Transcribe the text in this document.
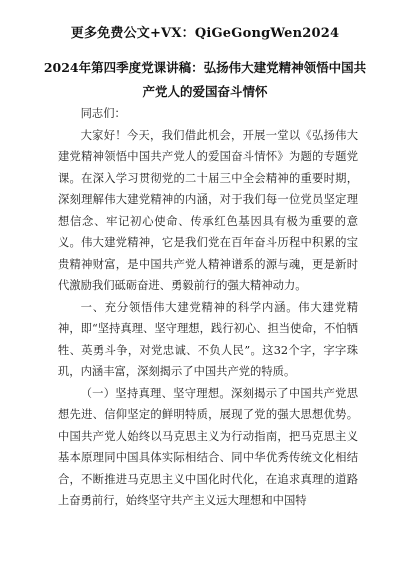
更多免费公文+VX：QiGeGongWen2024
2024年第四季度党课讲稿：弘扬伟大建党精神领悟中国共
产党人的爱国奋斗情怀

同志们：

大家好！今天，我们借此机会，开展一堂以《弘扬伟大建党精神领悟中国共产党人的爱国奋斗情怀》为题的专题党课。在深入学习贯彻党的二十届三中全会精神的重要时期，深刻理解伟大建党精神的内涵，对于我们每一位党员坚定理想信念、牢记初心使命、传承红色基因具有极为重要的意义。伟大建党精神，它是我们党在百年奋斗历程中积累的宝贵精神财富，是中国共产党人精神谱系的源与魂，更是新时代激励我们砥砺奋进、勇毅前行的强大精神动力。

一、充分领悟伟大建党精神的科学内涵。伟大建党精神，即“坚持真理、坚守理想，践行初心、担当使命，不怕牺牲、英勇斗争，对党忠诚、不负人民”。这32个字，字字珠玑，内涵丰富，深刻揭示了中国共产党的特质。

（一）坚持真理、坚守理想。深刻揭示了中国共产党思想先进、信仰坚定的鲜明特质，展现了党的强大思想优势。中国共产党人始终以马克思主义为行动指南，把马克思主义基本原理同中国具体实际相结合、同中华优秀传统文化相结合，不断推进马克思主义中国化时代化，在追求真理的道路上奋勇前行，始终坚守共产主义远大理想和中国特
